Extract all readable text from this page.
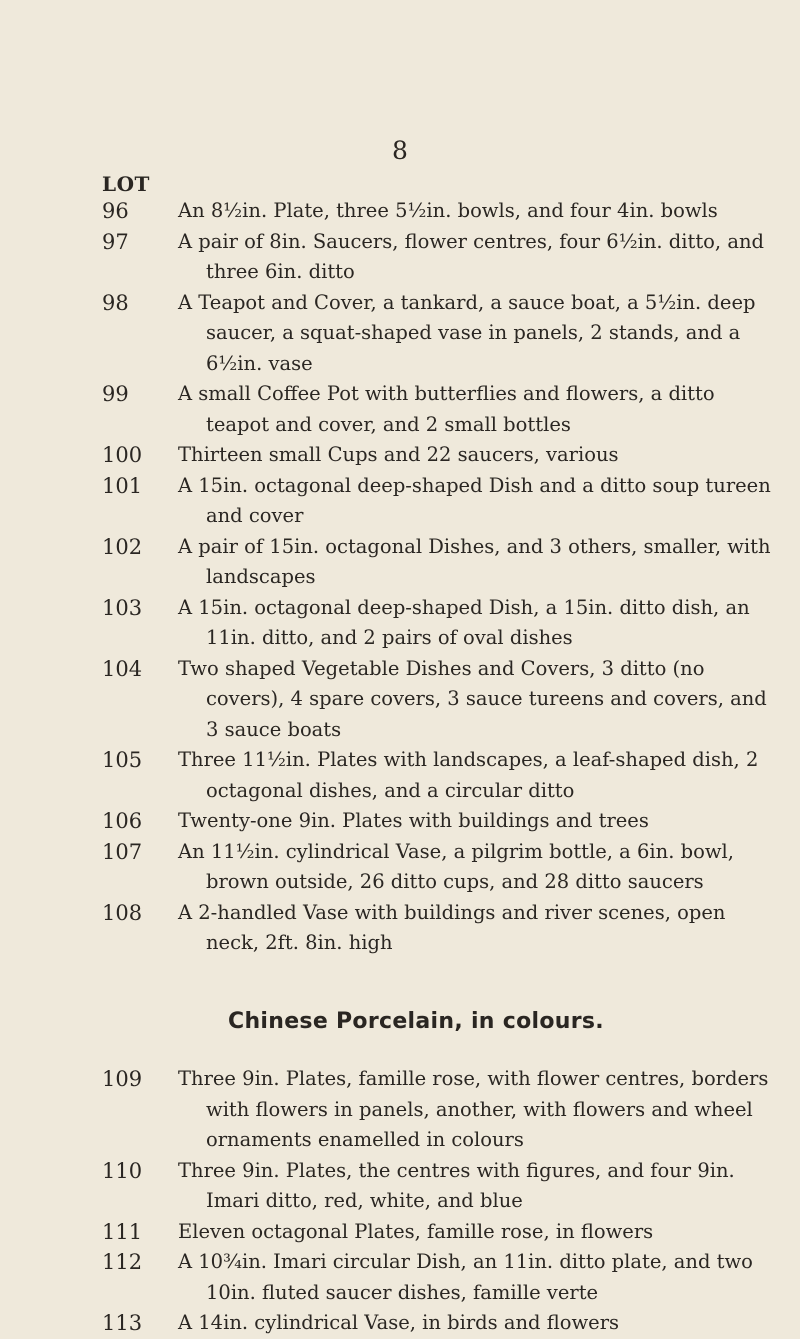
8
LOT
96	An 8½in. Plate, three 5½in. bowls, and four 4in. bowls
97	A pair of 8in. Saucers, flower centres, four 6½in. ditto, and three 6in. ditto
98	A Teapot and Cover, a tankard, a sauce boat, a 5½in. deep saucer, a squat-shaped vase in panels, 2 stands, and a 6½in. vase
99	A small Coffee Pot with butterflies and flowers, a ditto teapot and cover, and 2 small bottles
100	Thirteen small Cups and 22 saucers, various
101	A 15in. octagonal deep-shaped Dish and a ditto soup tureen and cover
102	A pair of 15in. octagonal Dishes, and 3 others, smaller, with landscapes
103	A 15in. octagonal deep-shaped Dish, a 15in. ditto dish, an 11in. ditto, and 2 pairs of oval dishes
104	Two shaped Vegetable Dishes and Covers, 3 ditto (no covers), 4 spare covers, 3 sauce tureens and covers, and 3 sauce boats
105	Three 11½in. Plates with landscapes, a leaf-shaped dish, 2 octagonal dishes, and a circular ditto
106	Twenty-one 9in. Plates with buildings and trees
107	An 11½in. cylindrical Vase, a pilgrim bottle, a 6in. bowl, brown outside, 26 ditto cups, and 28 ditto saucers
108	A 2-handled Vase with buildings and river scenes, open neck, 2ft. 8in. high
Chinese Porcelain, in colours.
109	Three 9in. Plates, famille rose, with flower centres, borders with flowers in panels, another, with flowers and wheel ornaments enamelled in colours
110	Three 9in. Plates, the centres with figures, and four 9in. Imari ditto, red, white, and blue
111	Eleven octagonal Plates, famille rose, in flowers
112	A 10¾in. Imari circular Dish, an 11in. ditto plate, and two 10in. fluted saucer dishes, famille verte
113	A 14in. cylindrical Vase, in birds and flowers
